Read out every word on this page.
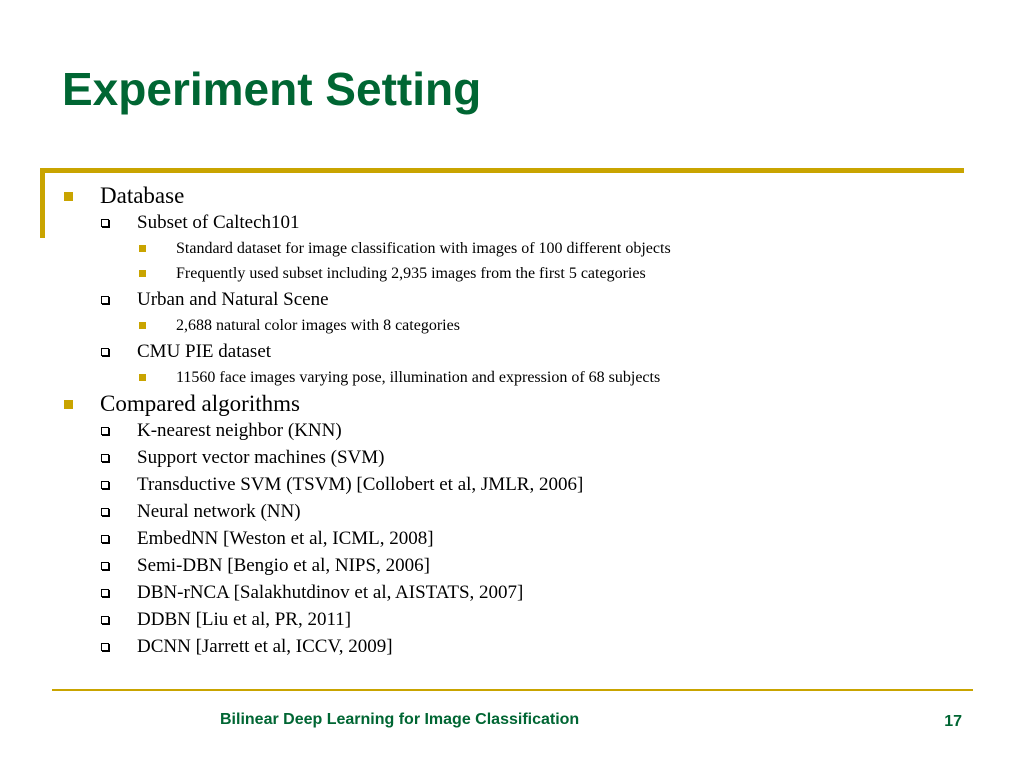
Experiment Setting
Database
Subset of Caltech101
Standard dataset for image classification with images of 100 different objects
Frequently used subset including 2,935 images from the first 5 categories
Urban and Natural Scene
2,688 natural color images with 8 categories
CMU PIE dataset
11560 face images varying pose, illumination and expression of 68 subjects
Compared algorithms
K-nearest neighbor (KNN)
Support vector machines (SVM)
Transductive SVM (TSVM) [Collobert et al, JMLR, 2006]
Neural network (NN)
EmbedNN [Weston et al, ICML, 2008]
Semi-DBN [Bengio et al, NIPS, 2006]
DBN-rNCA [Salakhutdinov et al, AISTATS, 2007]
DDBN [Liu et al, PR, 2011]
DCNN [Jarrett et al, ICCV, 2009]
Bilinear Deep Learning for Image Classification	17
